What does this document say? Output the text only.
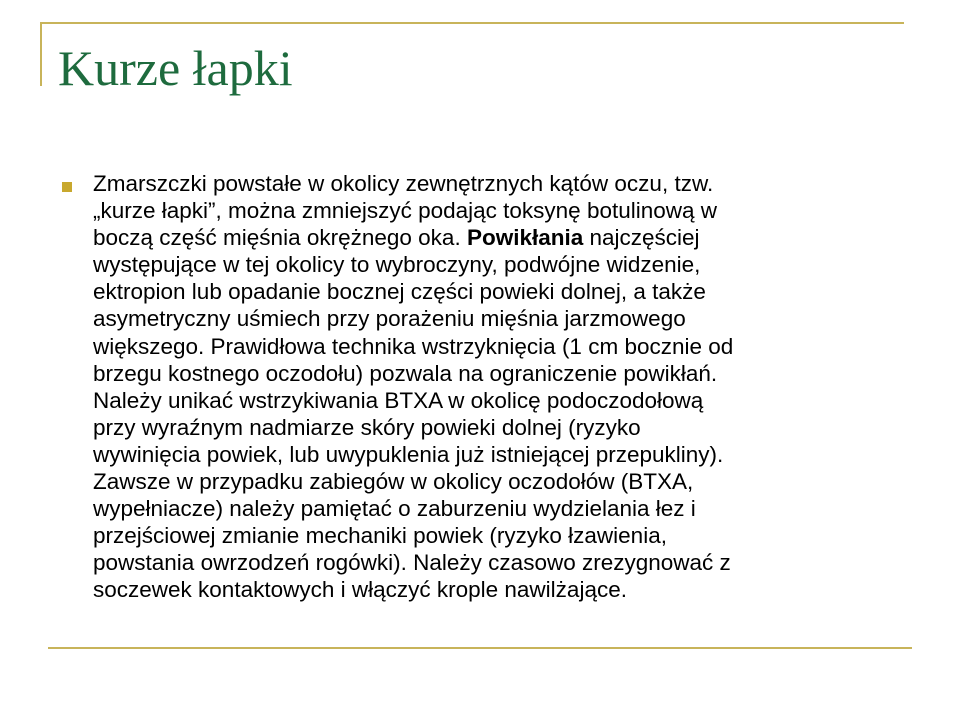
Kurze łapki

Zmarszczki powstałe w okolicy zewnętrznych kątów oczu, tzw.
„kurze łapki”, można zmniejszyć podając toksynę botulinową w
boczą część mięśnia okrężnego oka. Powikłania najczęściej
występujące w tej okolicy to wybroczyny, podwójne widzenie,
ektropion lub opadanie bocznej części powieki dolnej, a także
asymetryczny uśmiech przy porażeniu mięśnia jarzmowego
większego. Prawidłowa technika wstrzyknięcia (1 cm bocznie od
brzegu kostnego oczodołu) pozwala na ograniczenie powikłań.
Należy unikać wstrzykiwania BTXA w okolicę podoczodołową
przy wyraźnym nadmiarze skóry powieki dolnej (ryzyko
wywinięcia powiek, lub uwypuklenia już istniejącej przepukliny).
Zawsze w przypadku zabiegów w okolicy oczodołów (BTXA,
wypełniacze) należy pamiętać o zaburzeniu wydzielania łez i
przejściowej zmianie mechaniki powiek (ryzyko łzawienia,
powstania owrzodzeń rogówki). Należy czasowo zrezygnować z
soczewek kontaktowych i włączyć krople nawilżające.
